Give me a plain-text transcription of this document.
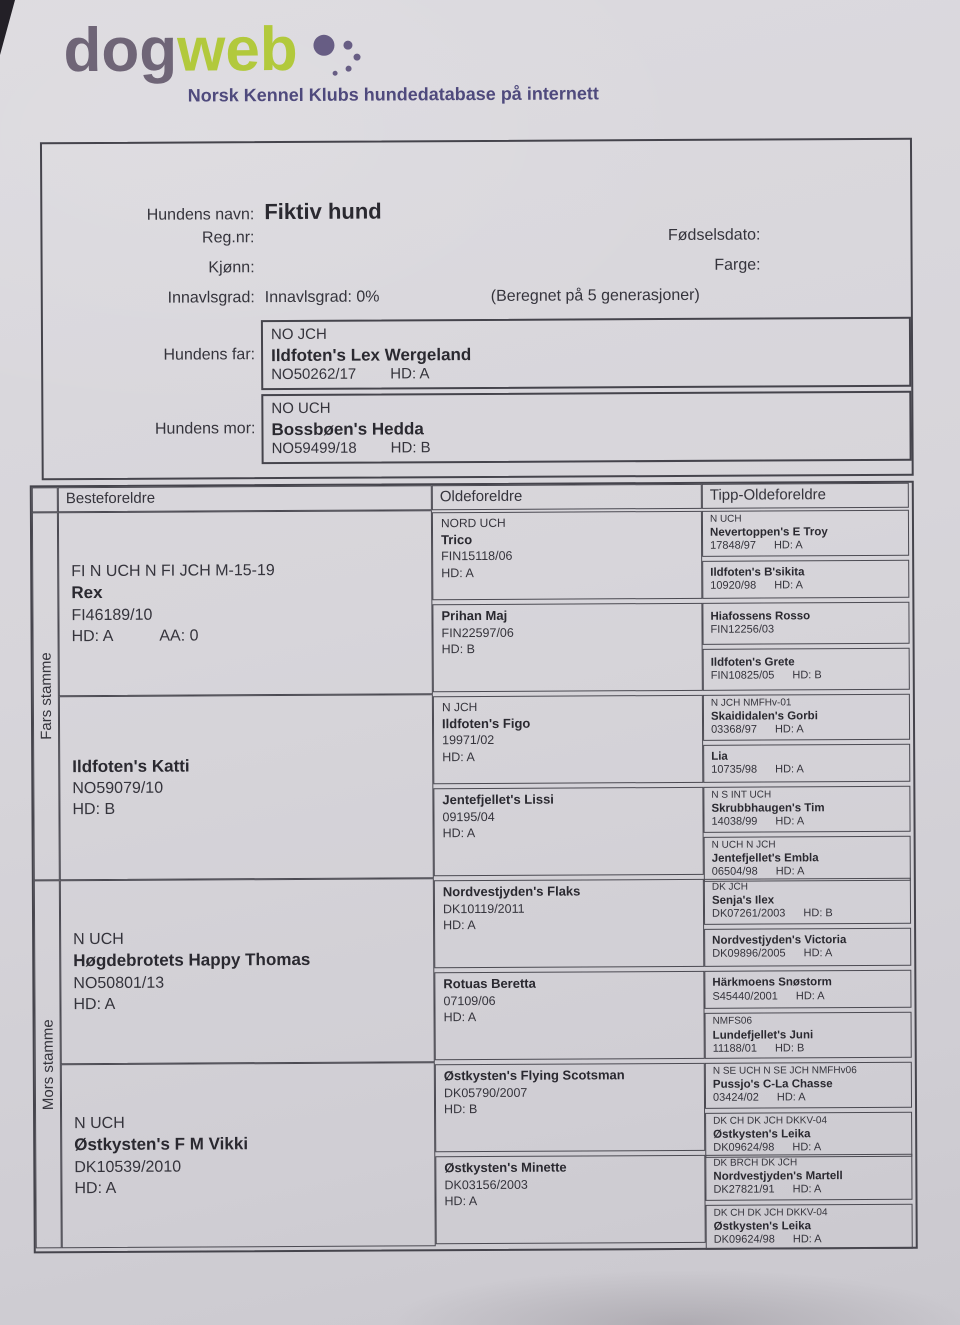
dogweb
Norsk Kennel Klubs hundedatabase på internett
Hundens navn: Fiktiv hund
Reg.nr:	Fødselsdato:
Kjønn:	Farge:
Innavlsgrad: Innavlsgrad: 0%	(Beregnet på 5 generasjoner)
Hundens far:
NO JCH
Ildfoten's Lex Wergeland
NO50262/17 HD: A
Hundens mor:
NO UCH
Bossbøen's Hedda
NO59499/18 HD: B
Besteforeldre	Oldeforeldre	Tipp-Oldeforeldre
Fars stamme
Mors stamme
FI N UCH N FI JCH M-15-19
Rex
FI46189/10
HD: A	AA: 0
NORD UCH
Trico
FIN15118/06
HD: A
N UCH
Nevertoppen's E Troy
17848/97 HD: A
Ildfoten's B'sikita
10920/98 HD: A
Prihan Maj
FIN22597/06
HD: B
Hiafossens Rosso
FIN12256/03
Ildfoten's Grete
FIN10825/05 HD: B
Ildfoten's Katti
NO59079/10
HD: B
N JCH
Ildfoten's Figo
19971/02
HD: A
N JCH NMFHv-01
Skaididalen's Gorbi
03368/97 HD: A
Lia
10735/98 HD: A
Jentefjellet's Lissi
09195/04
HD: A
N S INT UCH
Skrubbhaugen's Tim
14038/99 HD: A
N UCH N JCH
Jentefjellet's Embla
06504/98 HD: A
N UCH
Høgdebrotets Happy Thomas
NO50801/13
HD: A
Nordvestjyden's Flaks
DK10119/2011
HD: A
DK JCH
Senja's Ilex
DK07261/2003 HD: B
Nordvestjyden's Victoria
DK09896/2005 HD: A
Rotuas Beretta
07109/06
HD: A
Härkmoens Snøstorm
S45440/2001 HD: A
NMFS06
Lundefjellet's Juni
11188/01 HD: B
N UCH
Østkysten's F M Vikki
DK10539/2010
HD: A
Østkysten's Flying Scotsman
DK05790/2007
HD: B
N SE UCH N SE JCH NMFHv06
Pussjo's C-La Chasse
03424/02 HD: A
DK CH DK JCH DKKV-04
Østkysten's Leika
DK09624/98 HD: A
Østkysten's Minette
DK03156/2003
HD: A
DK BRCH DK JCH
Nordvestjyden's Martell
DK27821/91 HD: A
DK CH DK JCH DKKV-04
Østkysten's Leika
DK09624/98 HD: A
